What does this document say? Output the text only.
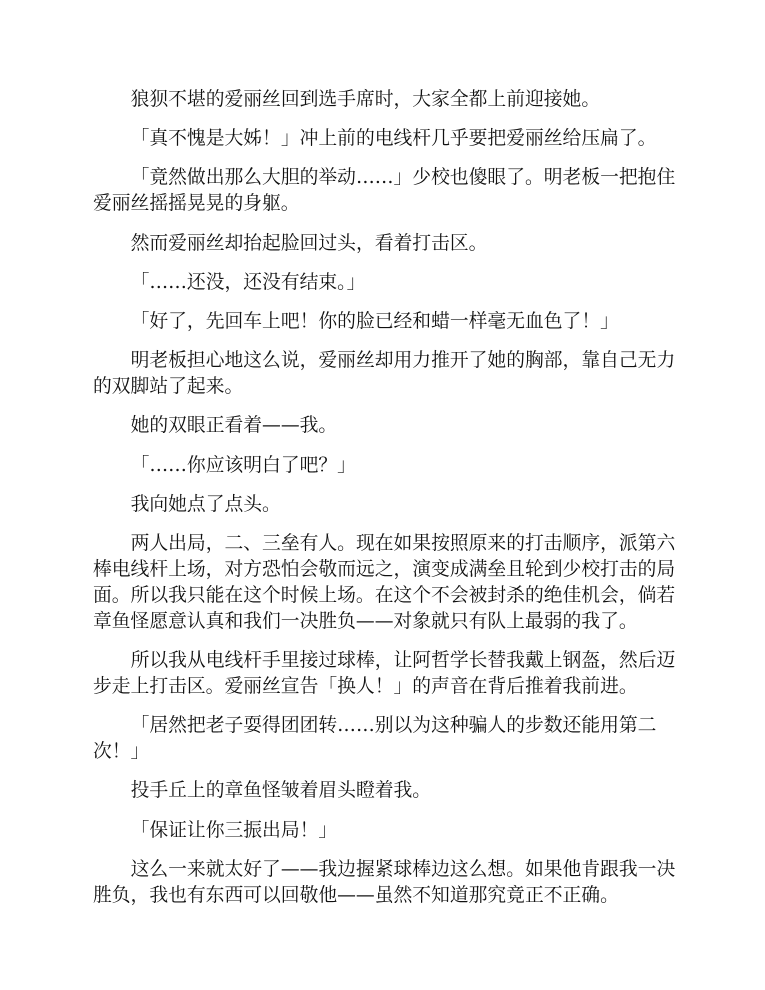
狼狈不堪的爱丽丝回到选手席时，大家全都上前迎接她。
「真不愧是大姊！」冲上前的电线杆几乎要把爱丽丝给压扁了。
「竟然做出那么大胆的举动……」少校也傻眼了。明老板一把抱住
爱丽丝摇摇晃晃的身躯。
然而爱丽丝却抬起脸回过头，看着打击区。
「……还没，还没有结束。」
「好了，先回车上吧！你的脸已经和蜡一样毫无血色了！」
明老板担心地这么说，爱丽丝却用力推开了她的胸部，靠自己无力
的双脚站了起来。
她的双眼正看着——我。
「……你应该明白了吧？」
我向她点了点头。
两人出局，二、三垒有人。现在如果按照原来的打击顺序，派第六
棒电线杆上场，对方恐怕会敬而远之，演变成满垒且轮到少校打击的局
面。所以我只能在这个时候上场。在这个不会被封杀的绝佳机会，倘若
章鱼怪愿意认真和我们一决胜负——对象就只有队上最弱的我了。
所以我从电线杆手里接过球棒，让阿哲学长替我戴上钢盔，然后迈
步走上打击区。爱丽丝宣告「换人！」的声音在背后推着我前进。
「居然把老子耍得团团转……别以为这种骗人的步数还能用第二
次！」
投手丘上的章鱼怪皱着眉头瞪着我。
「保证让你三振出局！」
这么一来就太好了——我边握紧球棒边这么想。如果他肯跟我一决
胜负，我也有东西可以回敬他——虽然不知道那究竟正不正确。
